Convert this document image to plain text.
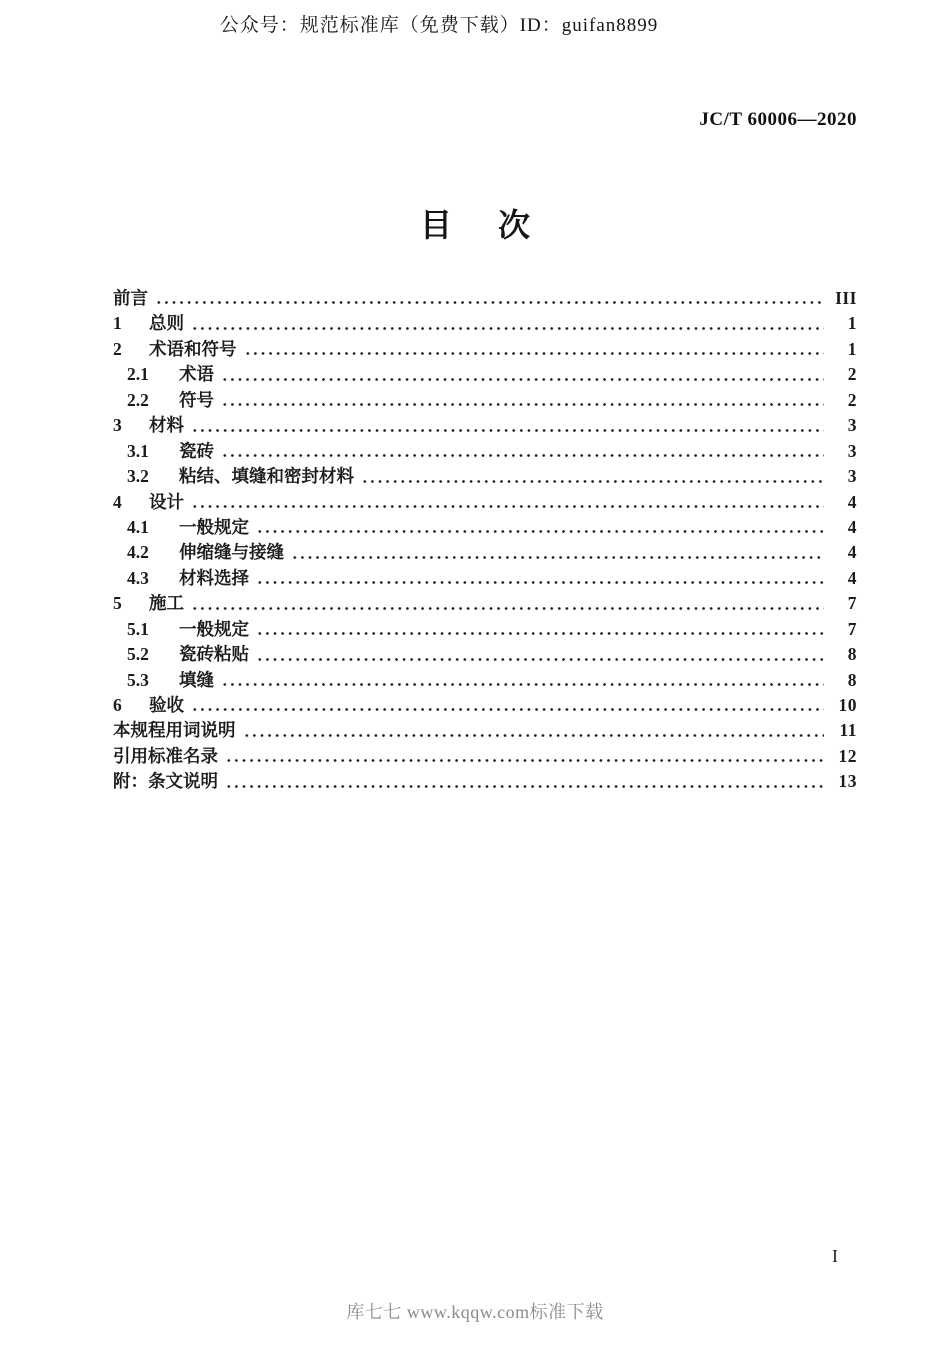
公众号：规范标准库（免费下载）ID：guifan8899
JC/T 60006—2020
目　次
前言	III
1 总则	1
2 术语和符号	1
2.1 术语	2
2.2 符号	2
3 材料	3
3.1 瓷砖	3
3.2 粘结、填缝和密封材料	3
4 设计	4
4.1 一般规定	4
4.2 伸缩缝与接缝	4
4.3 材料选择	4
5 施工	7
5.1 一般规定	7
5.2 瓷砖粘贴	8
5.3 填缝	8
6 验收	10
本规程用词说明	11
引用标准名录	12
附：条文说明	13
I
库七七 www.kqqw.com标准下载
